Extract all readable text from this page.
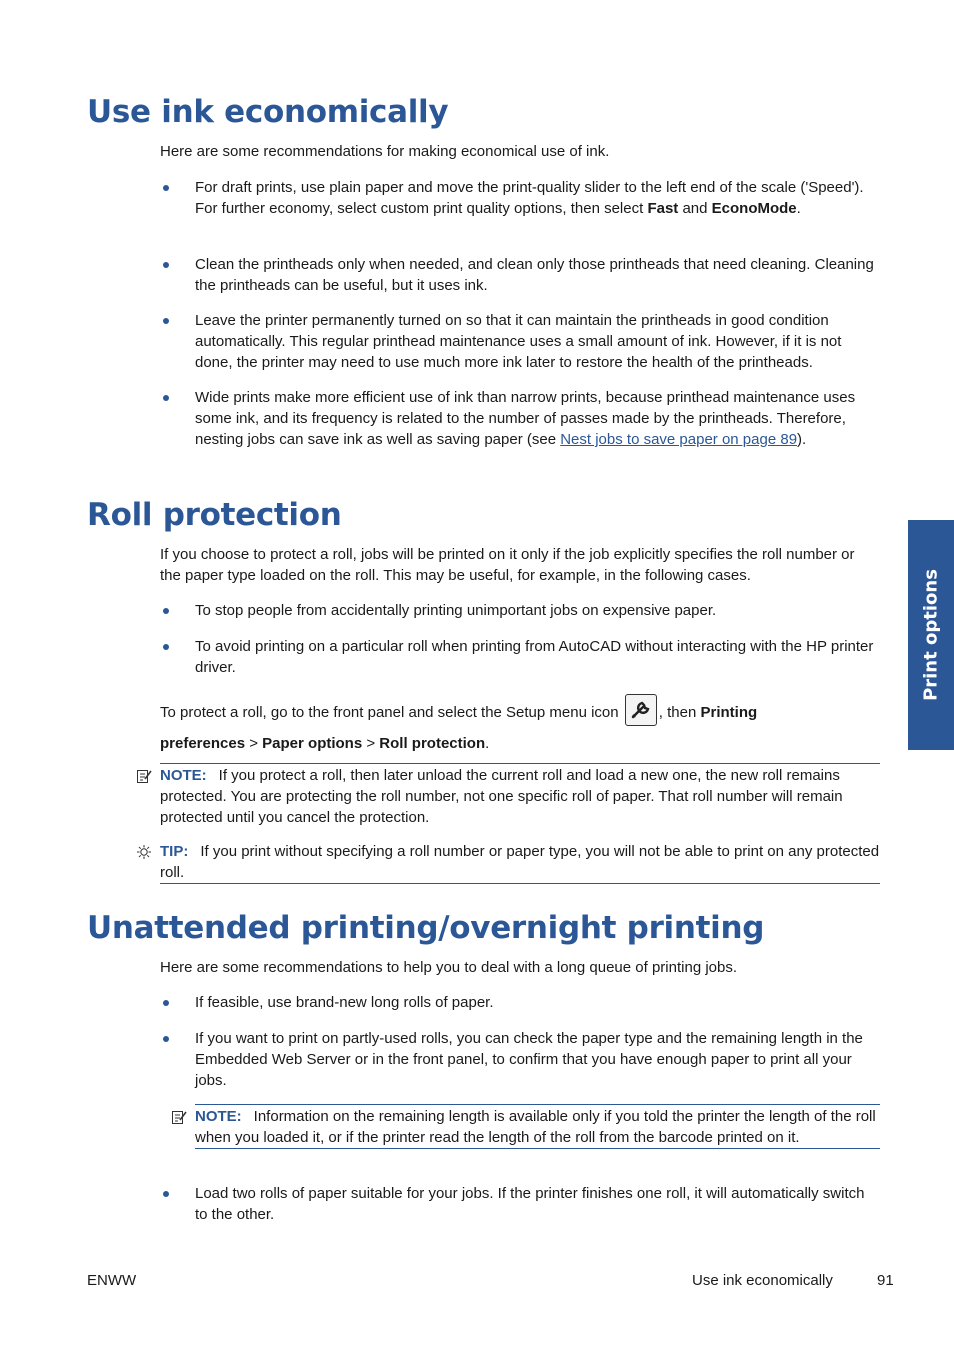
Use ink economically

Here are some recommendations for making economical use of ink.

For draft prints, use plain paper and move the print-quality slider to the left end of the scale ('Speed'). For further economy, select custom print quality options, then select Fast and EconoMode.
Clean the printheads only when needed, and clean only those printheads that need cleaning. Cleaning the printheads can be useful, but it uses ink.
Leave the printer permanently turned on so that it can maintain the printheads in good condition automatically. This regular printhead maintenance uses a small amount of ink. However, if it is not done, the printer may need to use much more ink later to restore the health of the printheads.
Wide prints make more efficient use of ink than narrow prints, because printhead maintenance uses some ink, and its frequency is related to the number of passes made by the printheads. Therefore, nesting jobs can save ink as well as saving paper (see Nest jobs to save paper on page 89).
Roll protection

If you choose to protect a roll, jobs will be printed on it only if the job explicitly specifies the roll number or the paper type loaded on the roll. This may be useful, for example, in the following cases.

To stop people from accidentally printing unimportant jobs on expensive paper.
To avoid printing on a particular roll when printing from AutoCAD without interacting with the HP printer driver.

To protect a roll, go to the front panel and select the Setup menu icon , then Printing preferences > Paper options > Roll protection.

NOTE: If you protect a roll, then later unload the current roll and load a new one, the new roll remains protected. You are protecting the roll number, not one specific roll of paper. That roll number will remain protected until you cancel the protection.
TIP: If you print without specifying a roll number or paper type, you will not be able to print on any protected roll.
Unattended printing/overnight printing

Here are some recommendations to help you to deal with a long queue of printing jobs.

If feasible, use brand-new long rolls of paper.
If you want to print on partly-used rolls, you can check the paper type and the remaining length in the Embedded Web Server or in the front panel, to confirm that you have enough paper to print all your jobs.
NOTE: Information on the remaining length is available only if you told the printer the length of the roll when you loaded it, or if the printer read the length of the roll from the barcode printed on it.
Load two rolls of paper suitable for your jobs. If the printer finishes one roll, it will automatically switch to the other.
Print options
ENWW	Use ink economically	91
